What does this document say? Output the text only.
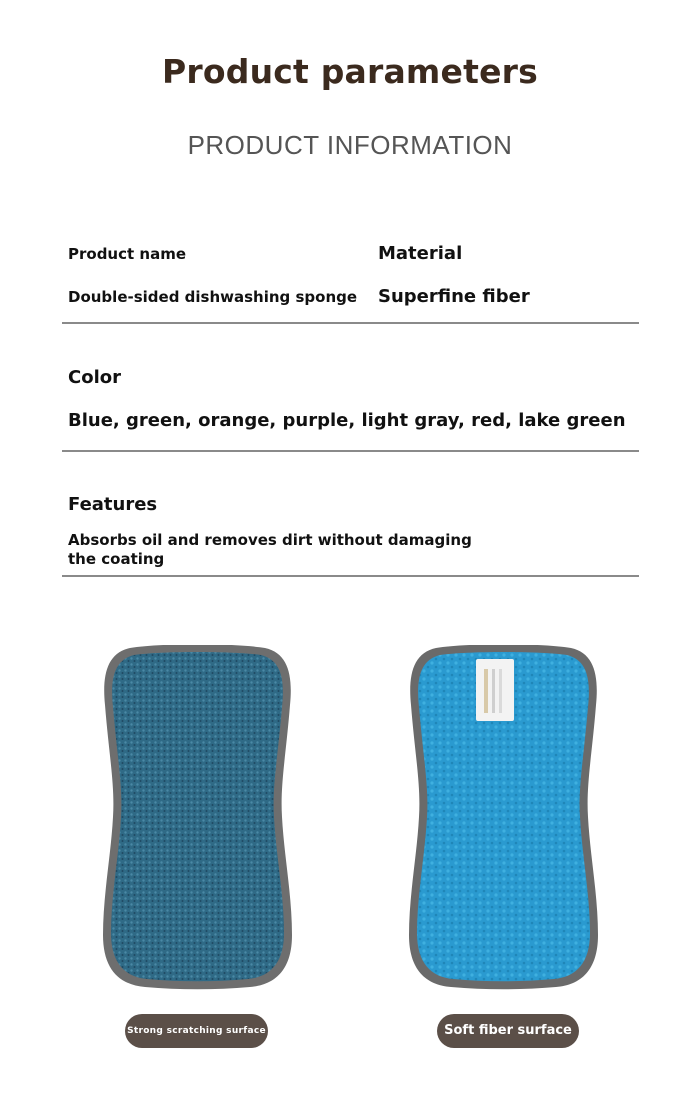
Product parameters
PRODUCT INFORMATION
Product name	Material
Double-sided dishwashing sponge Superfine fiber
Color
Blue, green, orange, purple, light gray, red, lake green
Features
Absorbs oil and removes dirt without damaging the coating
Strong scratching surface	Soft fiber surface
